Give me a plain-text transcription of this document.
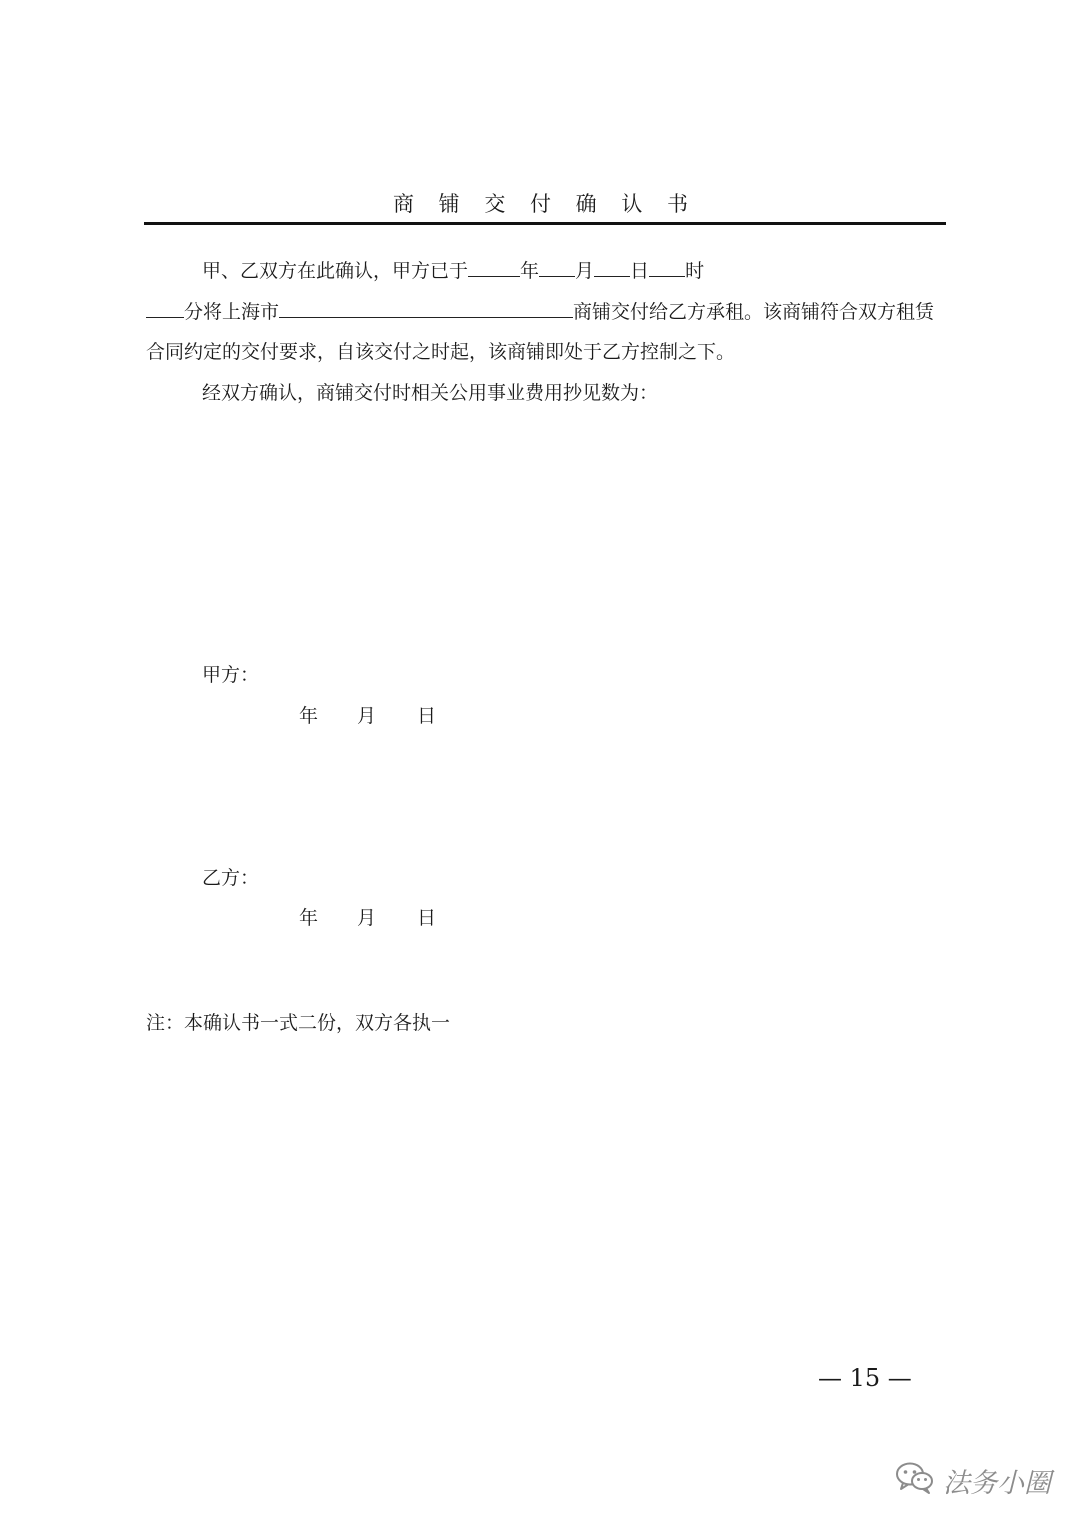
商 铺 交 付 确 认 书
甲、乙双方在此确认，甲方已于	年 月 日 时
分将上海市	商铺交付给乙方承租。该商铺符合双方租赁
合同约定的交付要求，自该交付之时起，该商铺即处于乙方控制之下。
经双方确认，商铺交付时相关公用事业费用抄见数为：
甲方：
年 月 日
乙方：
年 月 日
注：本确认书一式二份，双方各执一
— 15 —
法务小圈
